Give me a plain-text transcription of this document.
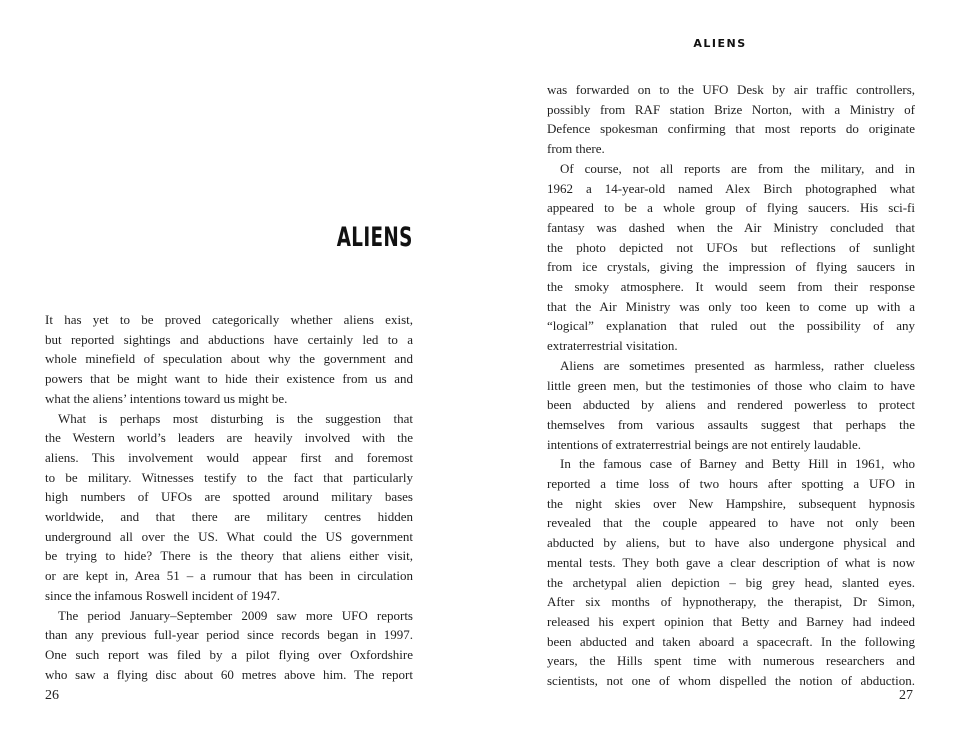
ALIENS
It has yet to be proved categorically whether aliens exist,
but reported sightings and abductions have certainly led to a
whole minefield of speculation about why the government and
powers that be might want to hide their existence from us and
what the aliens’ intentions toward us might be.
What is perhaps most disturbing is the suggestion that
the Western world’s leaders are heavily involved with the
aliens. This involvement would appear first and foremost
to be military. Witnesses testify to the fact that particularly
high numbers of UFOs are spotted around military bases
worldwide, and that there are military centres hidden
underground all over the US. What could the US government
be trying to hide? There is the theory that aliens either visit,
or are kept in, Area 51 – a rumour that has been in circulation
since the infamous Roswell incident of 1947.
The period January–September 2009 saw more UFO reports
than any previous full-year period since records began in 1997.
One such report was filed by a pilot flying over Oxfordshire
who saw a flying disc about 60 metres above him. The report
26
ALIENS
was forwarded on to the UFO Desk by air traffic controllers,
possibly from RAF station Brize Norton, with a Ministry of
Defence spokesman confirming that most reports do originate
from there.
Of course, not all reports are from the military, and in
1962 a 14-year-old named Alex Birch photographed what
appeared to be a whole group of flying saucers. His sci-fi
fantasy was dashed when the Air Ministry concluded that
the photo depicted not UFOs but reflections of sunlight
from ice crystals, giving the impression of flying saucers in
the smoky atmosphere. It would seem from their response
that the Air Ministry was only too keen to come up with a
“logical” explanation that ruled out the possibility of any
extraterrestrial visitation.
Aliens are sometimes presented as harmless, rather clueless
little green men, but the testimonies of those who claim to have
been abducted by aliens and rendered powerless to protect
themselves from various assaults suggest that perhaps the
intentions of extraterrestrial beings are not entirely laudable.
In the famous case of Barney and Betty Hill in 1961, who
reported a time loss of two hours after spotting a UFO in
the night skies over New Hampshire, subsequent hypnosis
revealed that the couple appeared to have not only been
abducted by aliens, but to have also undergone physical and
mental tests. They both gave a clear description of what is now
the archetypal alien depiction – big grey head, slanted eyes.
After six months of hypnotherapy, the therapist, Dr Simon,
released his expert opinion that Betty and Barney had indeed
been abducted and taken aboard a spacecraft. In the following
years, the Hills spent time with numerous researchers and
scientists, not one of whom dispelled the notion of abduction.
27
